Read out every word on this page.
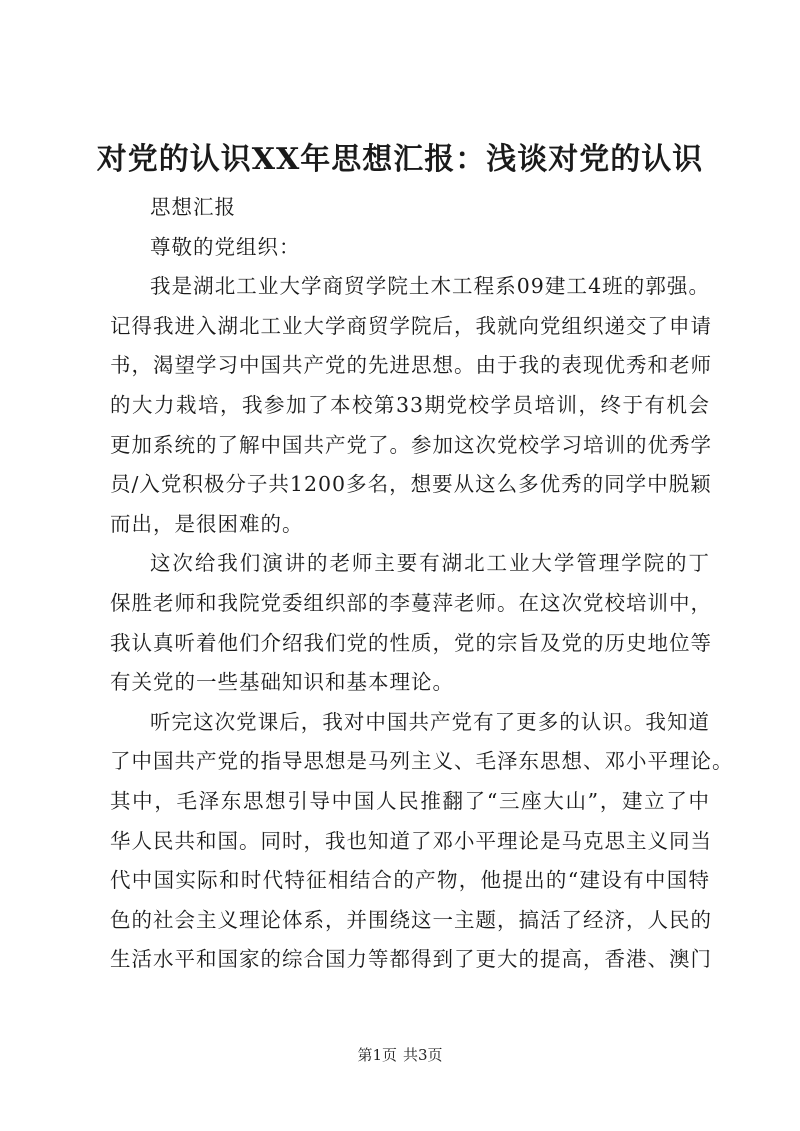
对党的认识XX年思想汇报：浅谈对党的认识
思想汇报
尊敬的党组织：
我是湖北工业大学商贸学院土木工程系09建工4班的郭强。
记得我进入湖北工业大学商贸学院后，我就向党组织递交了申请
书，渴望学习中国共产党的先进思想。由于我的表现优秀和老师
的大力栽培，我参加了本校第33期党校学员培训，终于有机会
更加系统的了解中国共产党了。参加这次党校学习培训的优秀学
员/入党积极分子共1200多名，想要从这么多优秀的同学中脱颖
而出，是很困难的。
这次给我们演讲的老师主要有湖北工业大学管理学院的丁
保胜老师和我院党委组织部的李蔓萍老师。在这次党校培训中，
我认真听着他们介绍我们党的性质，党的宗旨及党的历史地位等
有关党的一些基础知识和基本理论。
听完这次党课后，我对中国共产党有了更多的认识。我知道
了中国共产党的指导思想是马列主义、毛泽东思想、邓小平理论。
其中，毛泽东思想引导中国人民推翻了“三座大山”，建立了中
华人民共和国。同时，我也知道了邓小平理论是马克思主义同当
代中国实际和时代特征相结合的产物，他提出的“建设有中国特
色的社会主义理论体系，并围绕这一主题，搞活了经济，人民的
生活水平和国家的综合国力等都得到了更大的提高，香港、澳门
第1页 共3页
